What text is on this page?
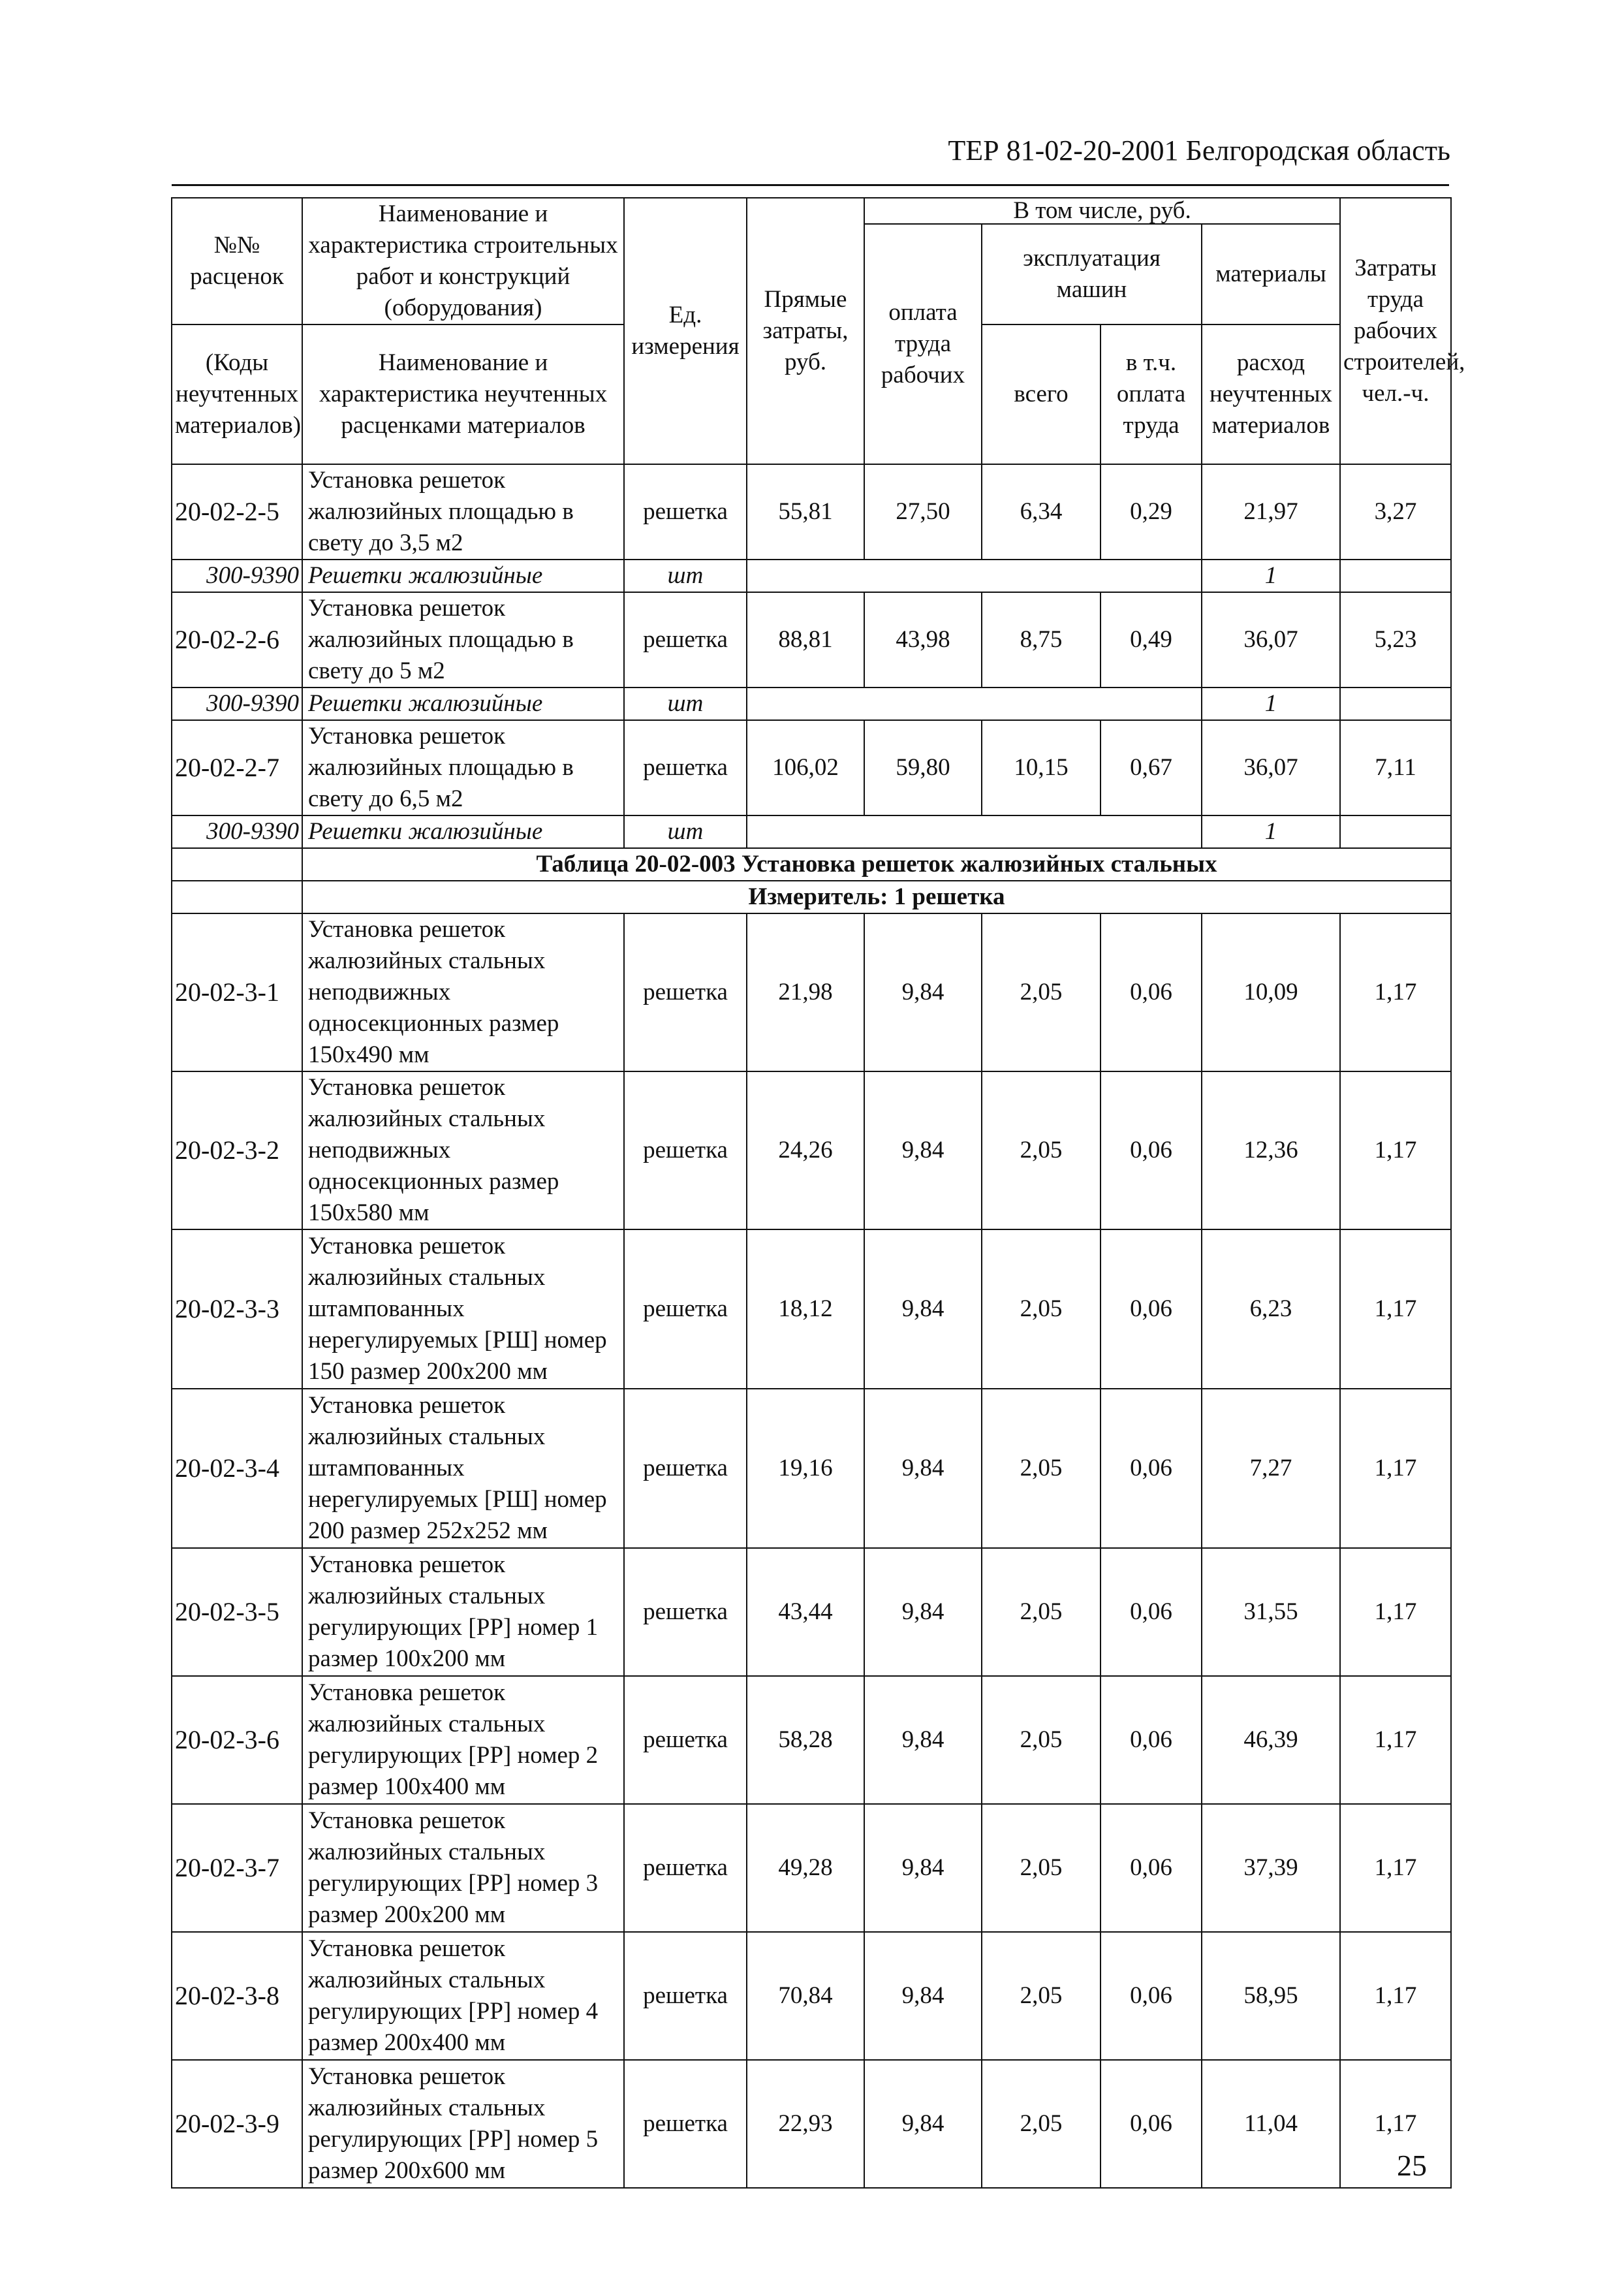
ТЕР 81-02-20-2001 Белгородская область
№№ расценок	Наименование и характеристика строительных работ и конструкций (оборудования)	Ед. измерения	Прямые затраты, руб.	В том числе, руб.				Затраты труда рабочих строителей, чел.-ч.
				оплата труда рабочих	эксплуатация машин		материалы	

(Коды неучтенных материалов)	Наименование и характеристика неучтенных расценками материалов				всего	в т.ч. оплата труда	расход неучтенных материалов	
20-02-2-5	Установка решеток жалюзийных площадью в свету до 3,5 м2	решетка	55,81	27,50	6,34	0,29	21,97	3,27
300-9390	Решетки жалюзийные	шт					1	
20-02-2-6	Установка решеток жалюзийных площадью в свету до 5 м2	решетка	88,81	43,98	8,75	0,49	36,07	5,23
300-9390	Решетки жалюзийные	шт					1	
20-02-2-7	Установка решеток жалюзийных площадью в свету до 6,5 м2	решетка	106,02	59,80	10,15	0,67	36,07	7,11
300-9390	Решетки жалюзийные	шт					1	
	Таблица 20-02-003 Установка решеток жалюзийных стальных							
	Измеритель: 1 решетка							
20-02-3-1	Установка решеток жалюзийных стальных неподвижных односекционных размер 150х490 мм	решетка	21,98	9,84	2,05	0,06	10,09	1,17
20-02-3-2	Установка решеток жалюзийных стальных неподвижных односекционных размер 150х580 мм	решетка	24,26	9,84	2,05	0,06	12,36	1,17
20-02-3-3	Установка решеток жалюзийных стальных штампованных нерегулируемых [РШ] номер 150 размер 200х200 мм	решетка	18,12	9,84	2,05	0,06	6,23	1,17
20-02-3-4	Установка решеток жалюзийных стальных штампованных нерегулируемых [РШ] номер 200 размер 252х252 мм	решетка	19,16	9,84	2,05	0,06	7,27	1,17
20-02-3-5	Установка решеток жалюзийных стальных регулирующих [РР] номер 1 размер 100х200 мм	решетка	43,44	9,84	2,05	0,06	31,55	1,17
20-02-3-6	Установка решеток жалюзийных стальных регулирующих [РР] номер 2 размер 100х400 мм	решетка	58,28	9,84	2,05	0,06	46,39	1,17
20-02-3-7	Установка решеток жалюзийных стальных регулирующих [РР] номер 3 размер 200х200 мм	решетка	49,28	9,84	2,05	0,06	37,39	1,17
20-02-3-8	Установка решеток жалюзийных стальных регулирующих [РР] номер 4 размер 200х400 мм	решетка	70,84	9,84	2,05	0,06	58,95	1,17
20-02-3-9	Установка решеток жалюзийных стальных регулирующих [РР] номер 5 размер 200х600 мм	решетка	22,93	9,84	2,05	0,06	11,04	1,17
25
